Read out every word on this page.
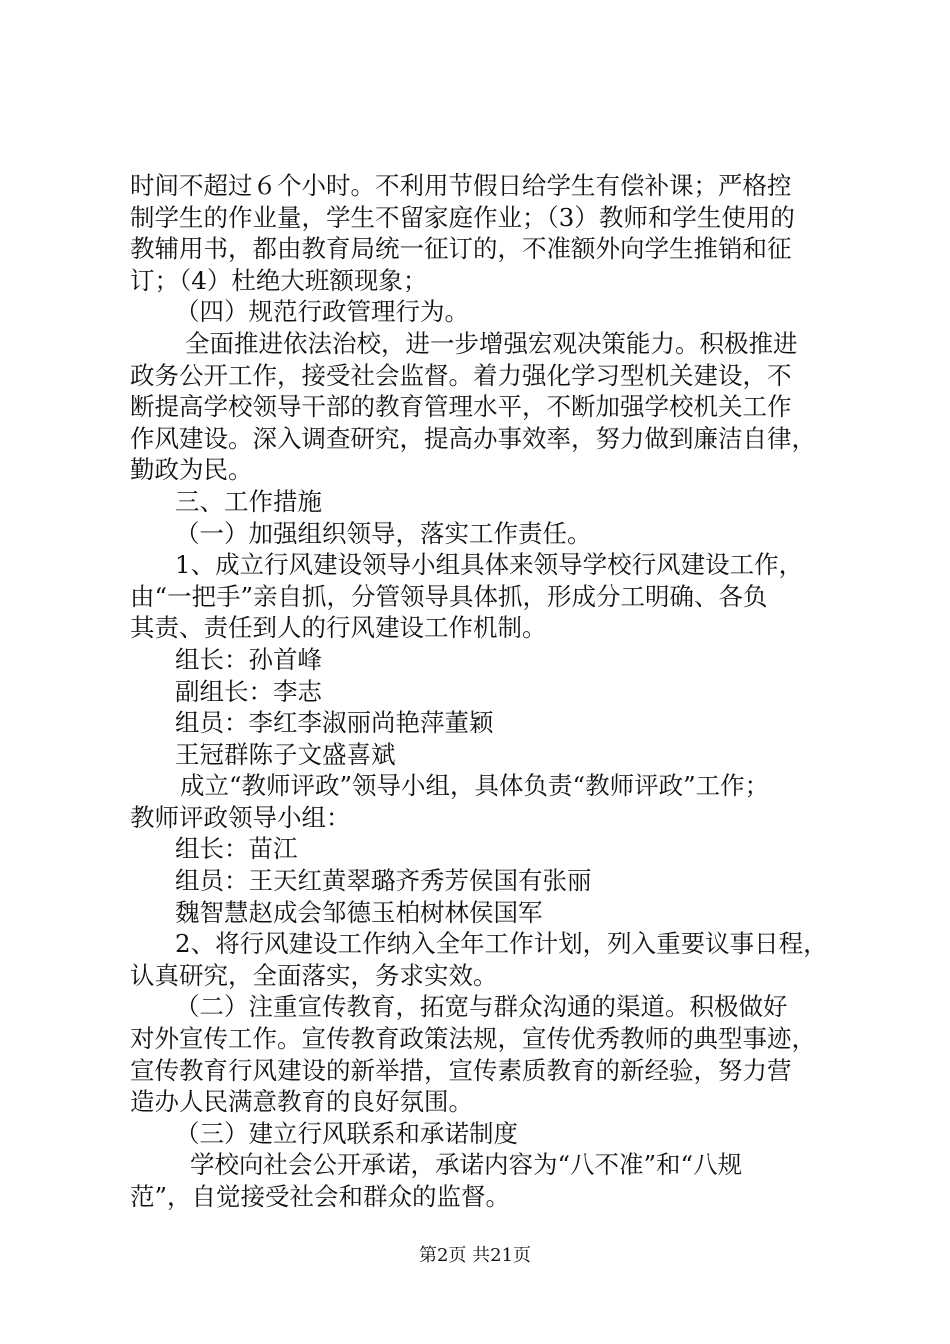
时间不超过６个小时。不利用节假日给学生有偿补课；严格控

制学生的作业量，学生不留家庭作业；（3）教师和学生使用的

教辅用书，都由教育局统一征订的，不准额外向学生推销和征

订；（4）杜绝大班额现象；

（四）规范行政管理行为。

全面推进依法治校，进一步增强宏观决策能力。积极推进

政务公开工作，接受社会监督。着力强化学习型机关建设，不

断提高学校领导干部的教育管理水平，不断加强学校机关工作

作风建设。深入调查研究，提高办事效率，努力做到廉洁自律，

勤政为民。

三、工作措施

（一）加强组织领导，落实工作责任。

1、成立行风建设领导小组具体来领导学校行风建设工作，

由“一把手”亲自抓，分管领导具体抓，形成分工明确、各负

其责、责任到人的行风建设工作机制。

组长：孙首峰

副组长：李志

组员：李红李淑丽尚艳萍董颖

王冠群陈子文盛喜斌

成立“教师评政”领导小组，具体负责“教师评政”工作；

教师评政领导小组：

组长：苗江

组员：王天红黄翠璐齐秀芳侯国有张丽

魏智慧赵成会邹德玉柏树林侯国军

2、将行风建设工作纳入全年工作计划，列入重要议事日程，

认真研究，全面落实，务求实效。

（二）注重宣传教育，拓宽与群众沟通的渠道。积极做好

对外宣传工作。宣传教育政策法规，宣传优秀教师的典型事迹，

宣传教育行风建设的新举措，宣传素质教育的新经验，努力营

造办人民满意教育的良好氛围。

（三）建立行风联系和承诺制度

学校向社会公开承诺，承诺内容为“八不准”和“八规

范”，自觉接受社会和群众的监督。

第2页 共21页
